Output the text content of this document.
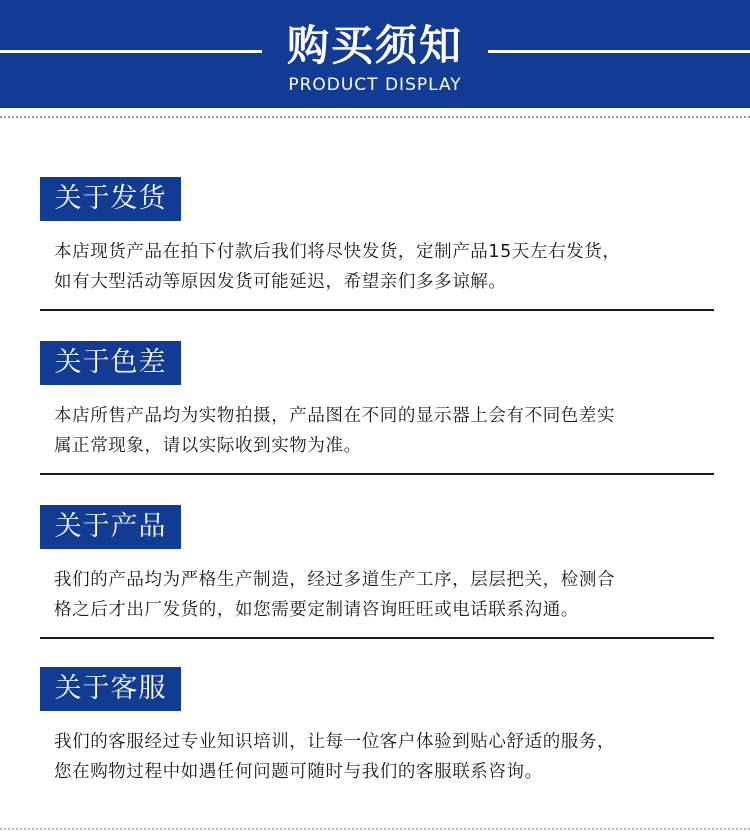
购买须知
PRODUCT DISPLAY
关于发货
本店现货产品在拍下付款后我们将尽快发货，定制产品15天左右发货，
如有大型活动等原因发货可能延迟，希望亲们多多谅解。
关于色差
本店所售产品均为实物拍摄，产品图在不同的显示器上会有不同色差实
属正常现象，请以实际收到实物为准。
关于产品
我们的产品均为严格生产制造，经过多道生产工序，层层把关，检测合
格之后才出厂发货的，如您需要定制请咨询旺旺或电话联系沟通。
关于客服
我们的客服经过专业知识培训，让每一位客户体验到贴心舒适的服务，
您在购物过程中如遇任何问题可随时与我们的客服联系咨询。
